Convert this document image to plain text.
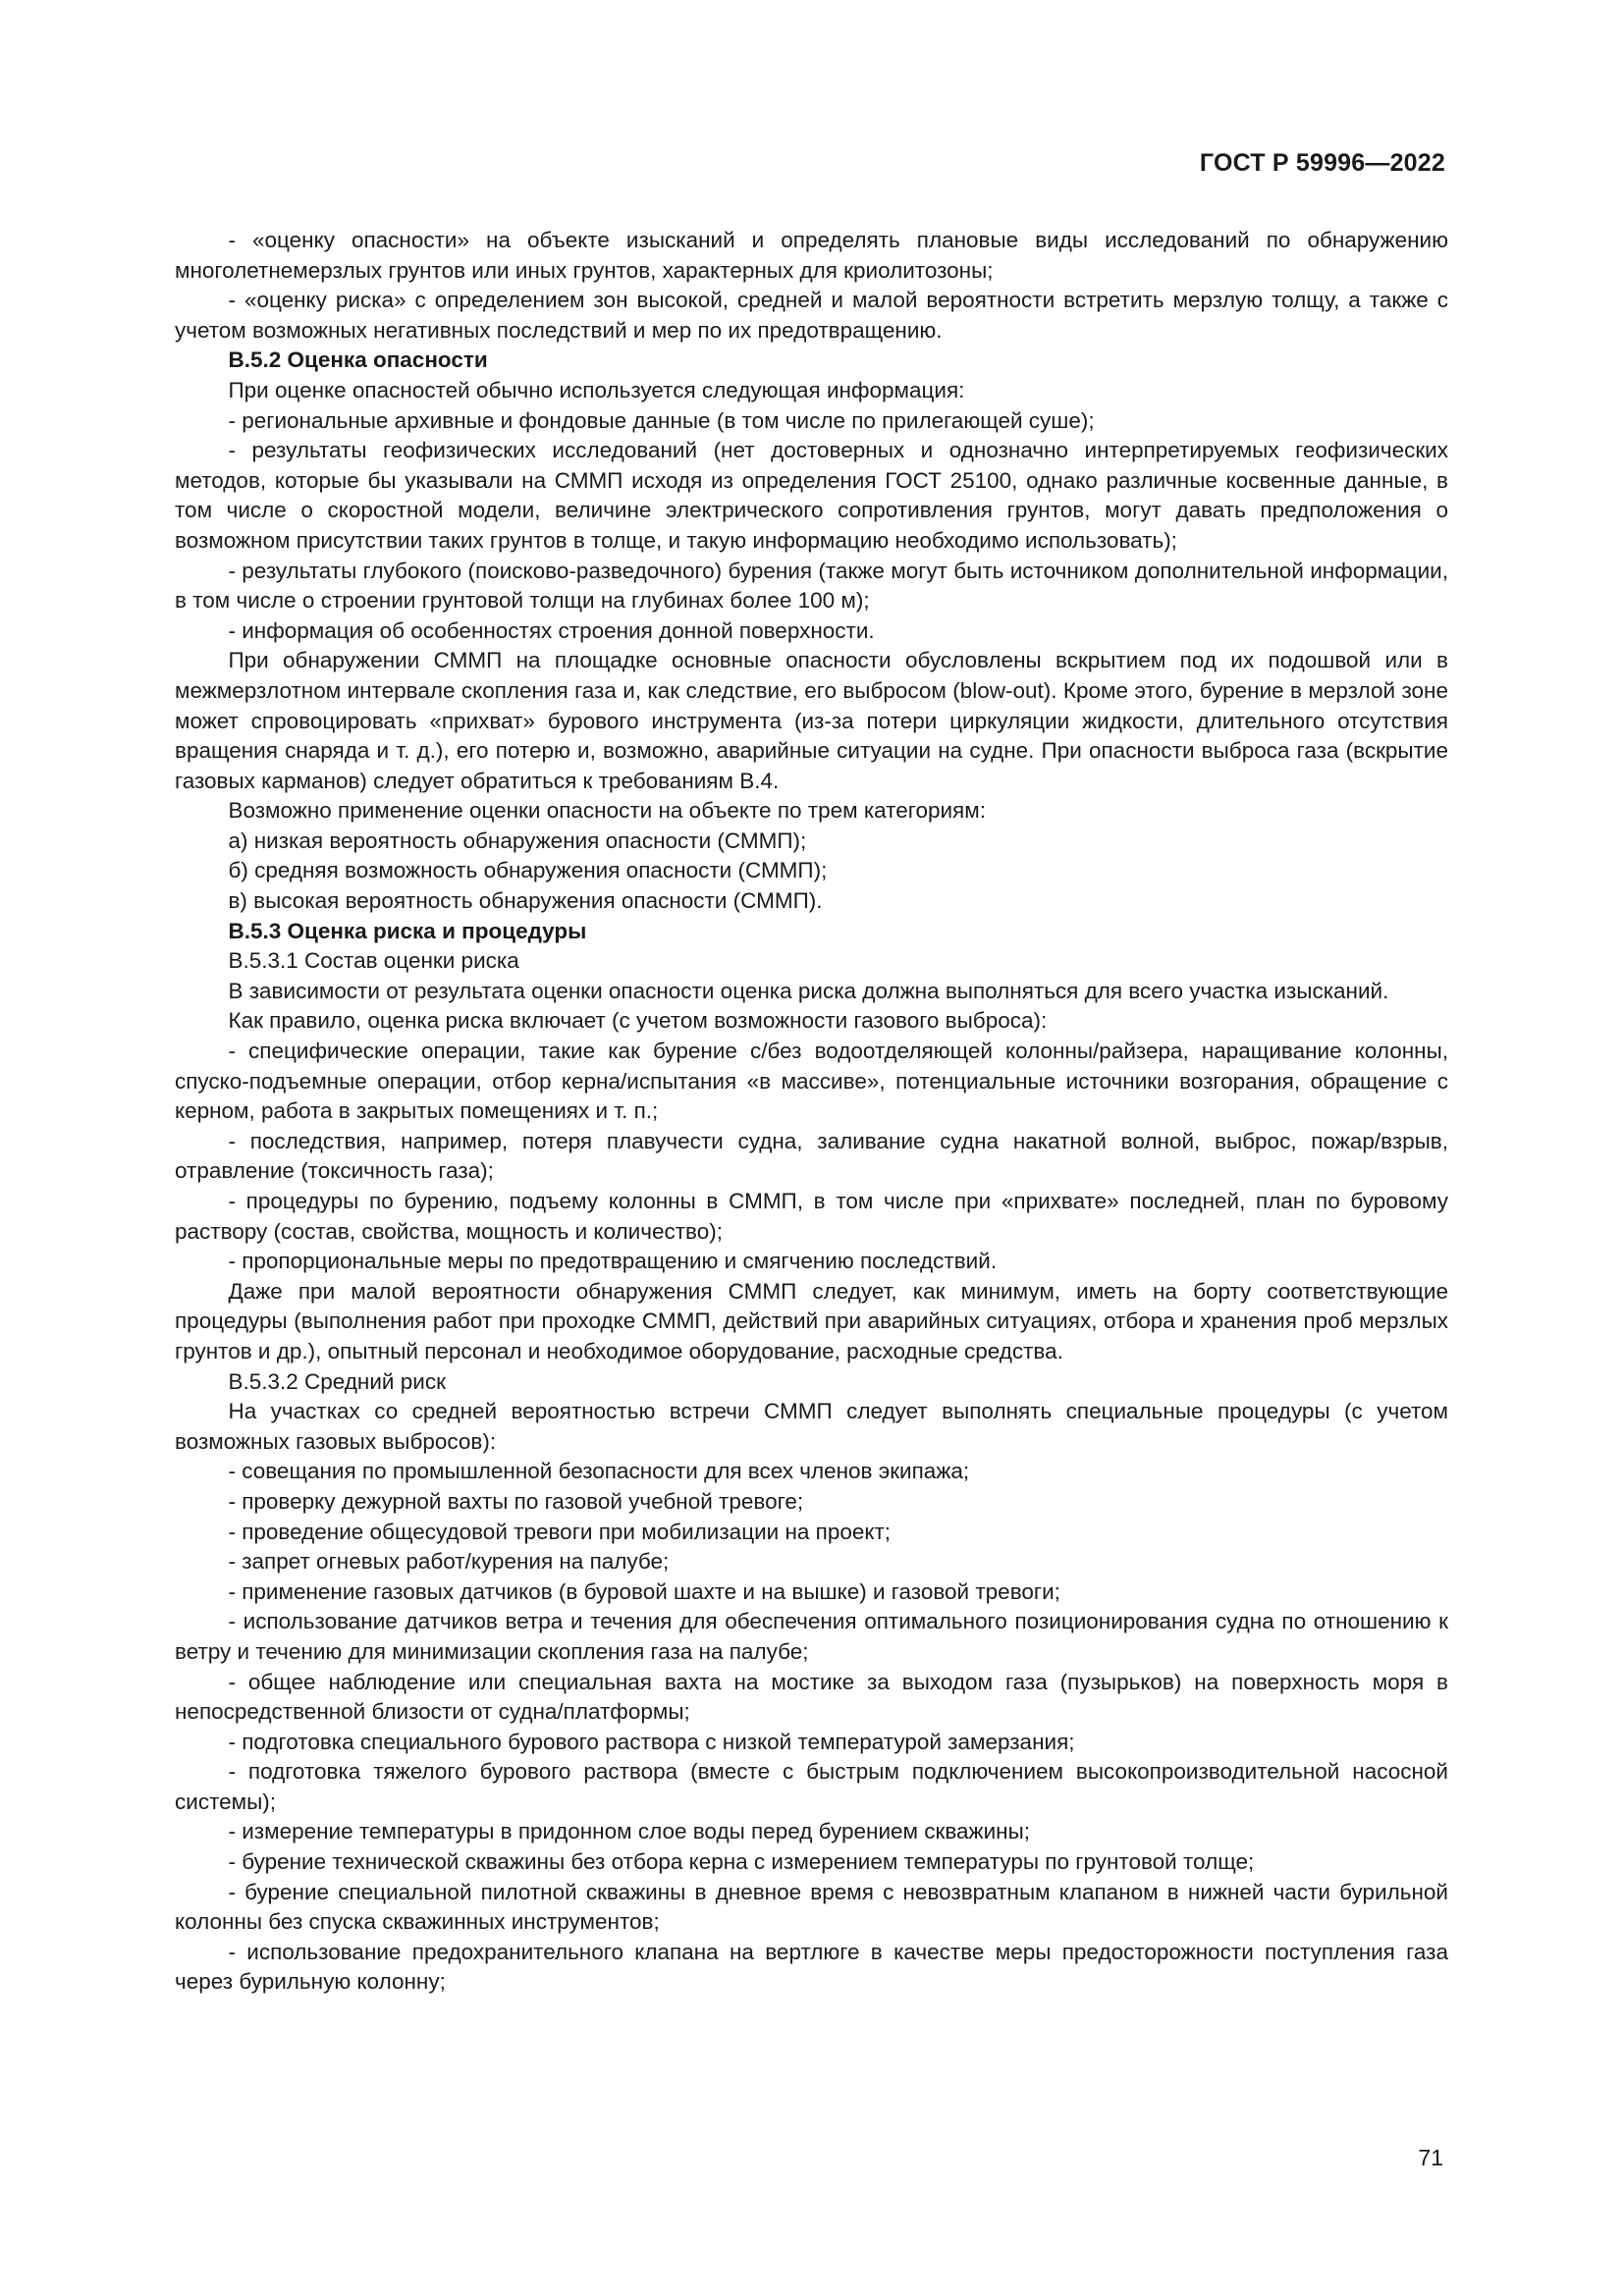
ГОСТ Р 59996—2022

- «оценку опасности» на объекте изысканий и определять плановые виды исследований по обнаружению многолетнемерзлых грунтов или иных грунтов, характерных для криолитозоны;

- «оценку риска» с определением зон высокой, средней и малой вероятности встретить мерзлую толщу, а также с учетом возможных негативных последствий и мер по их предотвращению.

В.5.2 Оценка опасности

При оценке опасностей обычно используется следующая информация:

- региональные архивные и фондовые данные (в том числе по прилегающей суше);

- результаты геофизических исследований (нет достоверных и однозначно интерпретируемых геофизических методов, которые бы указывали на СММП исходя из определения ГОСТ 25100, однако различные косвенные данные, в том числе о скоростной модели, величине электрического сопротивления грунтов, могут давать предположения о возможном присутствии таких грунтов в толще, и такую информацию необходимо использовать);

- результаты глубокого (поисково-разведочного) бурения (также могут быть источником дополнительной информации, в том числе о строении грунтовой толщи на глубинах более 100 м);

- информация об особенностях строения донной поверхности.

При обнаружении СММП на площадке основные опасности обусловлены вскрытием под их подошвой или в межмерзлотном интервале скопления газа и, как следствие, его выбросом (blow-out). Кроме этого, бурение в мерзлой зоне может спровоцировать «прихват» бурового инструмента (из-за потери циркуляции жидкости, длительного отсутствия вращения снаряда и т. д.), его потерю и, возможно, аварийные ситуации на судне. При опасности выброса газа (вскрытие газовых карманов) следует обратиться к требованиям В.4.

Возможно применение оценки опасности на объекте по трем категориям:

а) низкая вероятность обнаружения опасности (СММП);

б) средняя возможность обнаружения опасности (СММП);

в) высокая вероятность обнаружения опасности (СММП).

В.5.3 Оценка риска и процедуры

В.5.3.1 Состав оценки риска

В зависимости от результата оценки опасности оценка риска должна выполняться для всего участка изысканий.

Как правило, оценка риска включает (с учетом возможности газового выброса):

- специфические операции, такие как бурение с/без водоотделяющей колонны/райзера, наращивание колонны, спуско-подъемные операции, отбор керна/испытания «в массиве», потенциальные источники возгорания, обращение с керном, работа в закрытых помещениях и т. п.;

- последствия, например, потеря плавучести судна, заливание судна накатной волной, выброс, пожар/взрыв, отравление (токсичность газа);

- процедуры по бурению, подъему колонны в СММП, в том числе при «прихвате» последней, план по буровому раствору (состав, свойства, мощность и количество);

- пропорциональные меры по предотвращению и смягчению последствий.

Даже при малой вероятности обнаружения СММП следует, как минимум, иметь на борту соответствующие процедуры (выполнения работ при проходке СММП, действий при аварийных ситуациях, отбора и хранения проб мерзлых грунтов и др.), опытный персонал и необходимое оборудование, расходные средства.

В.5.3.2 Средний риск

На участках со средней вероятностью встречи СММП следует выполнять специальные процедуры (с учетом возможных газовых выбросов):

- совещания по промышленной безопасности для всех членов экипажа;

- проверку дежурной вахты по газовой учебной тревоге;

- проведение общесудовой тревоги при мобилизации на проект;

- запрет огневых работ/курения на палубе;

- применение газовых датчиков (в буровой шахте и на вышке) и газовой тревоги;

- использование датчиков ветра и течения для обеспечения оптимального позиционирования судна по отношению к ветру и течению для минимизации скопления газа на палубе;

- общее наблюдение или специальная вахта на мостике за выходом газа (пузырьков) на поверхность моря в непосредственной близости от судна/платформы;

- подготовка специального бурового раствора с низкой температурой замерзания;

- подготовка тяжелого бурового раствора (вместе с быстрым подключением высокопроизводительной насосной системы);

- измерение температуры в придонном слое воды перед бурением скважины;

- бурение технической скважины без отбора керна с измерением температуры по грунтовой толще;

- бурение специальной пилотной скважины в дневное время с невозвратным клапаном в нижней части бурильной колонны без спуска скважинных инструментов;

- использование предохранительного клапана на вертлюге в качестве меры предосторожности поступления газа через бурильную колонну;

71
